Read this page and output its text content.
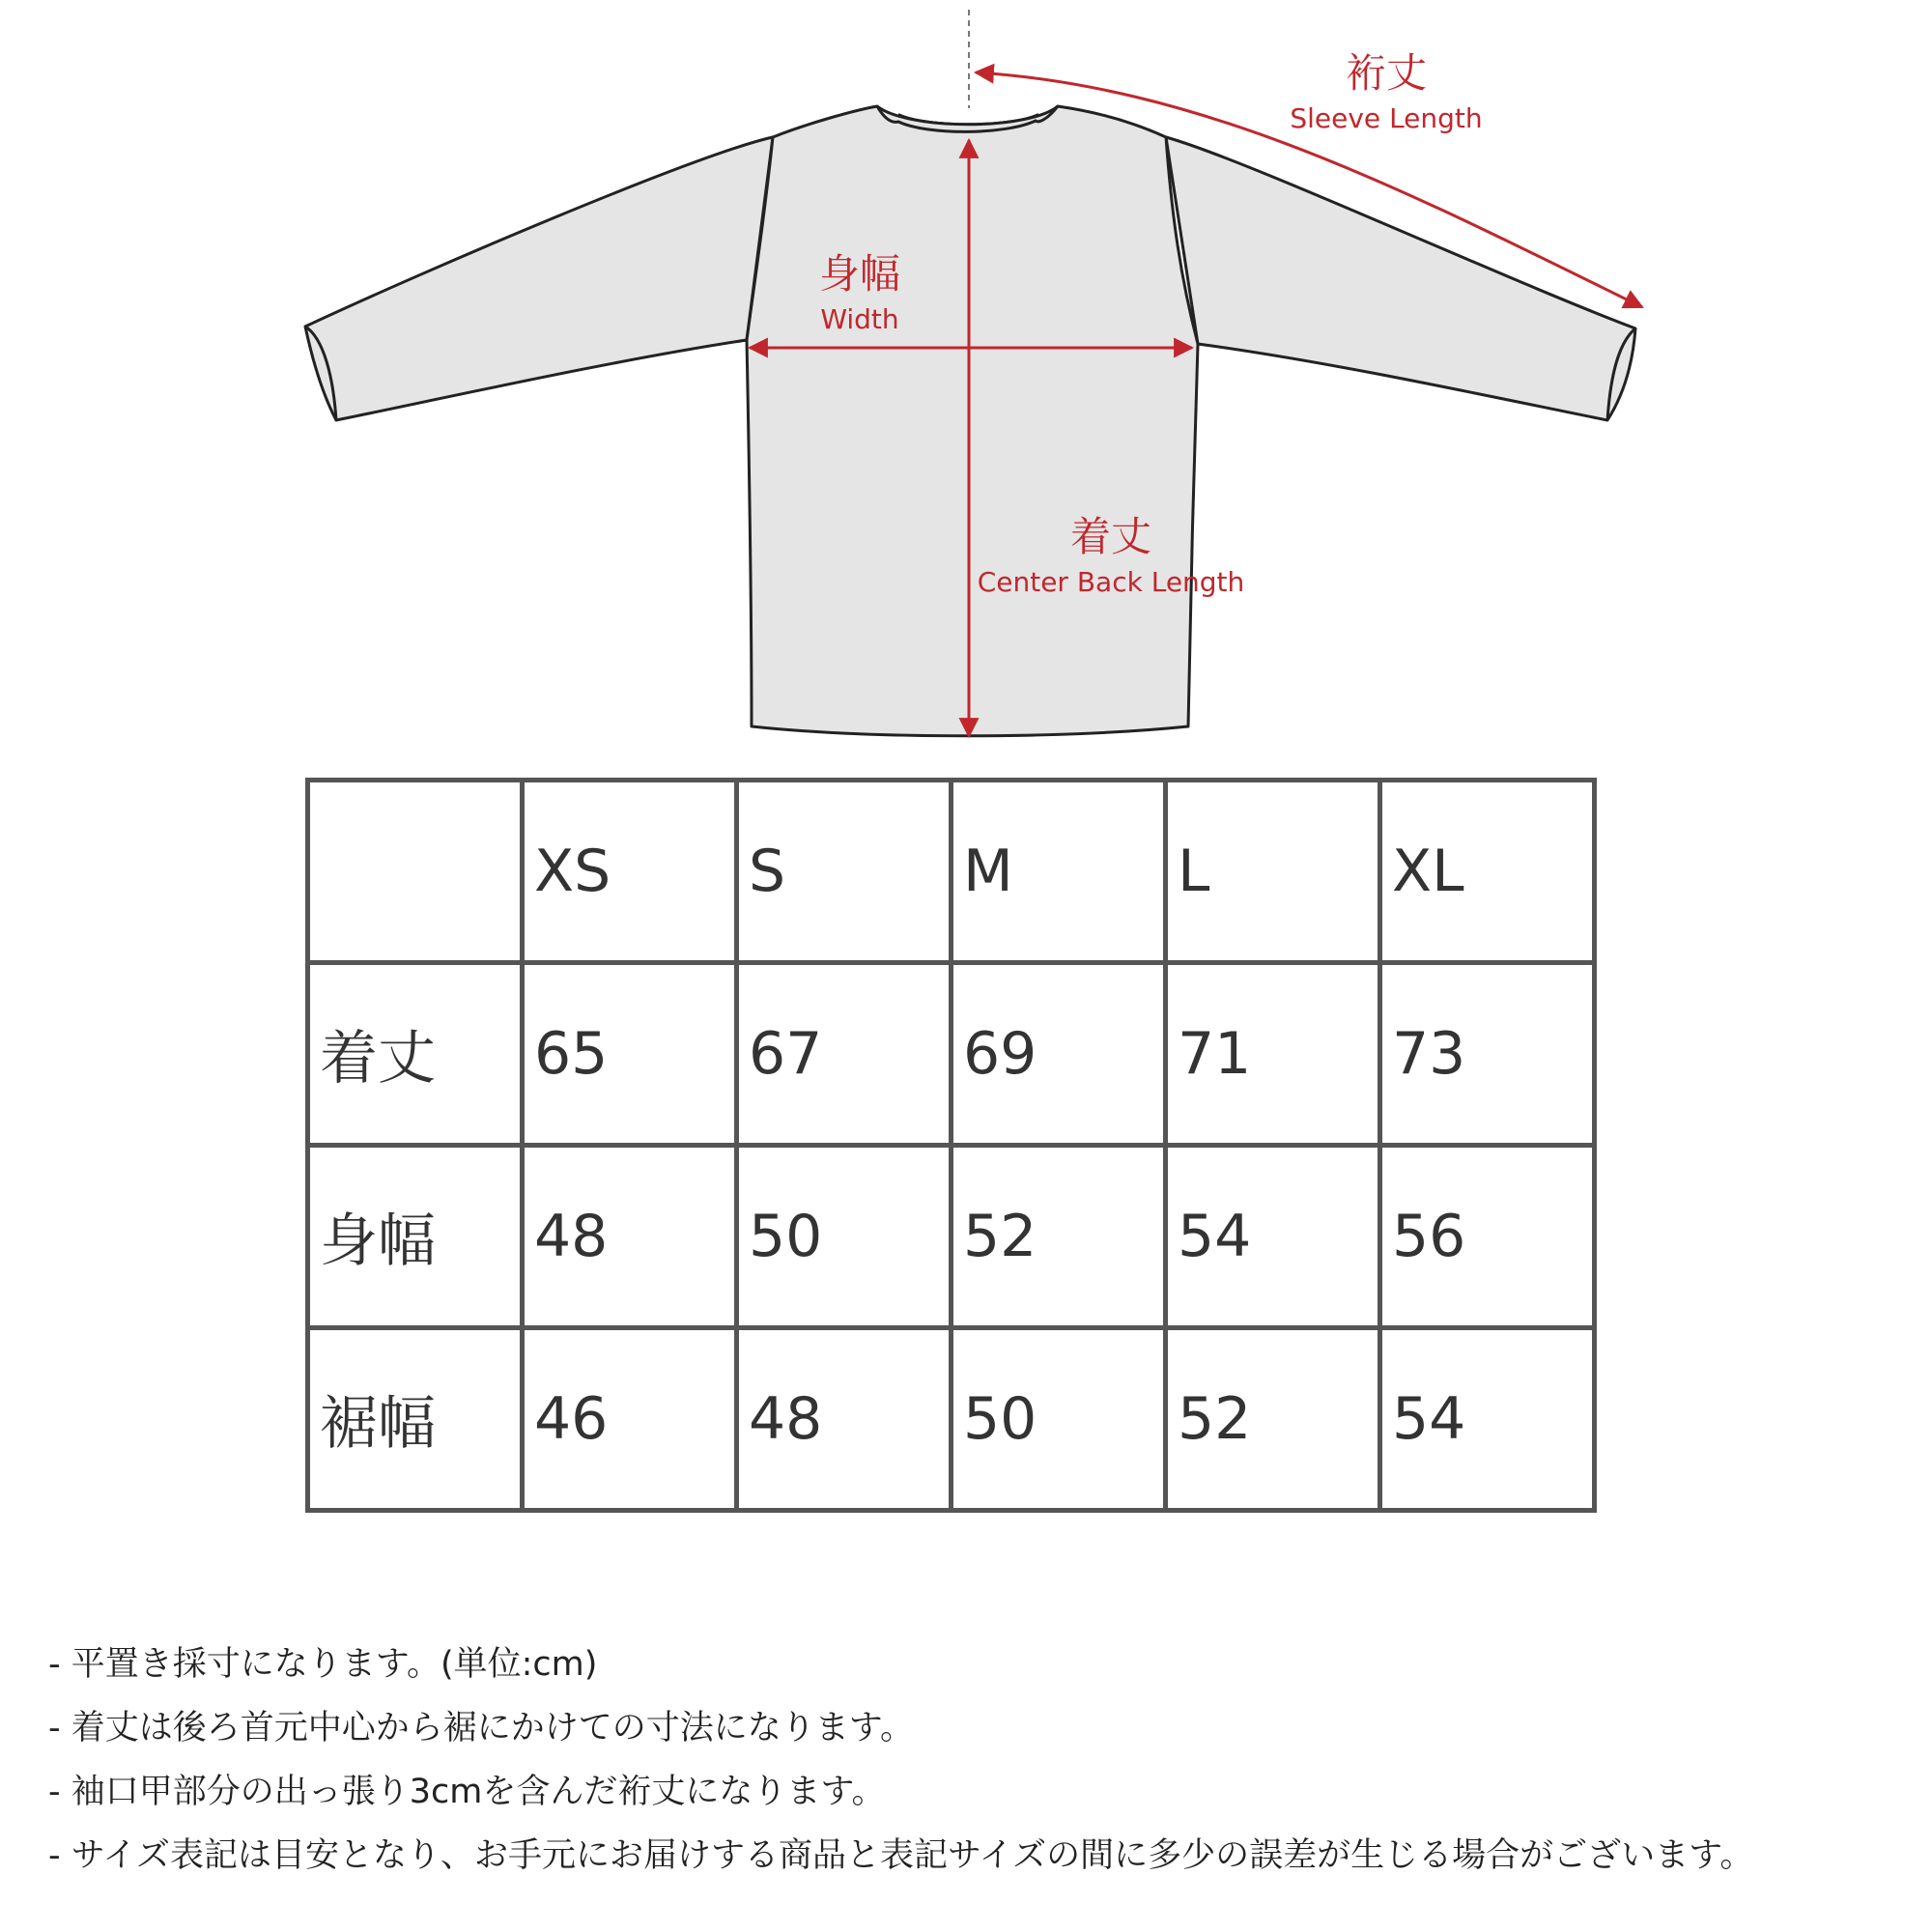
裄丈
Sleeve Length
身幅
Width
着丈
Center Back Length
	XS	S	M	L	XL
着丈	65	67	69	71	73
身幅	48	50	52	54	56
裾幅	46	48	50	52	54
- 平置き採寸になります。(単位:cm)
- 着丈は後ろ首元中心から裾にかけての寸法になります。
- 袖口甲部分の出っ張り3cmを含んだ裄丈になります。
- サイズ表記は目安となり、お手元にお届けする商品と表記サイズの間に多少の誤差が生じる場合がございます。
